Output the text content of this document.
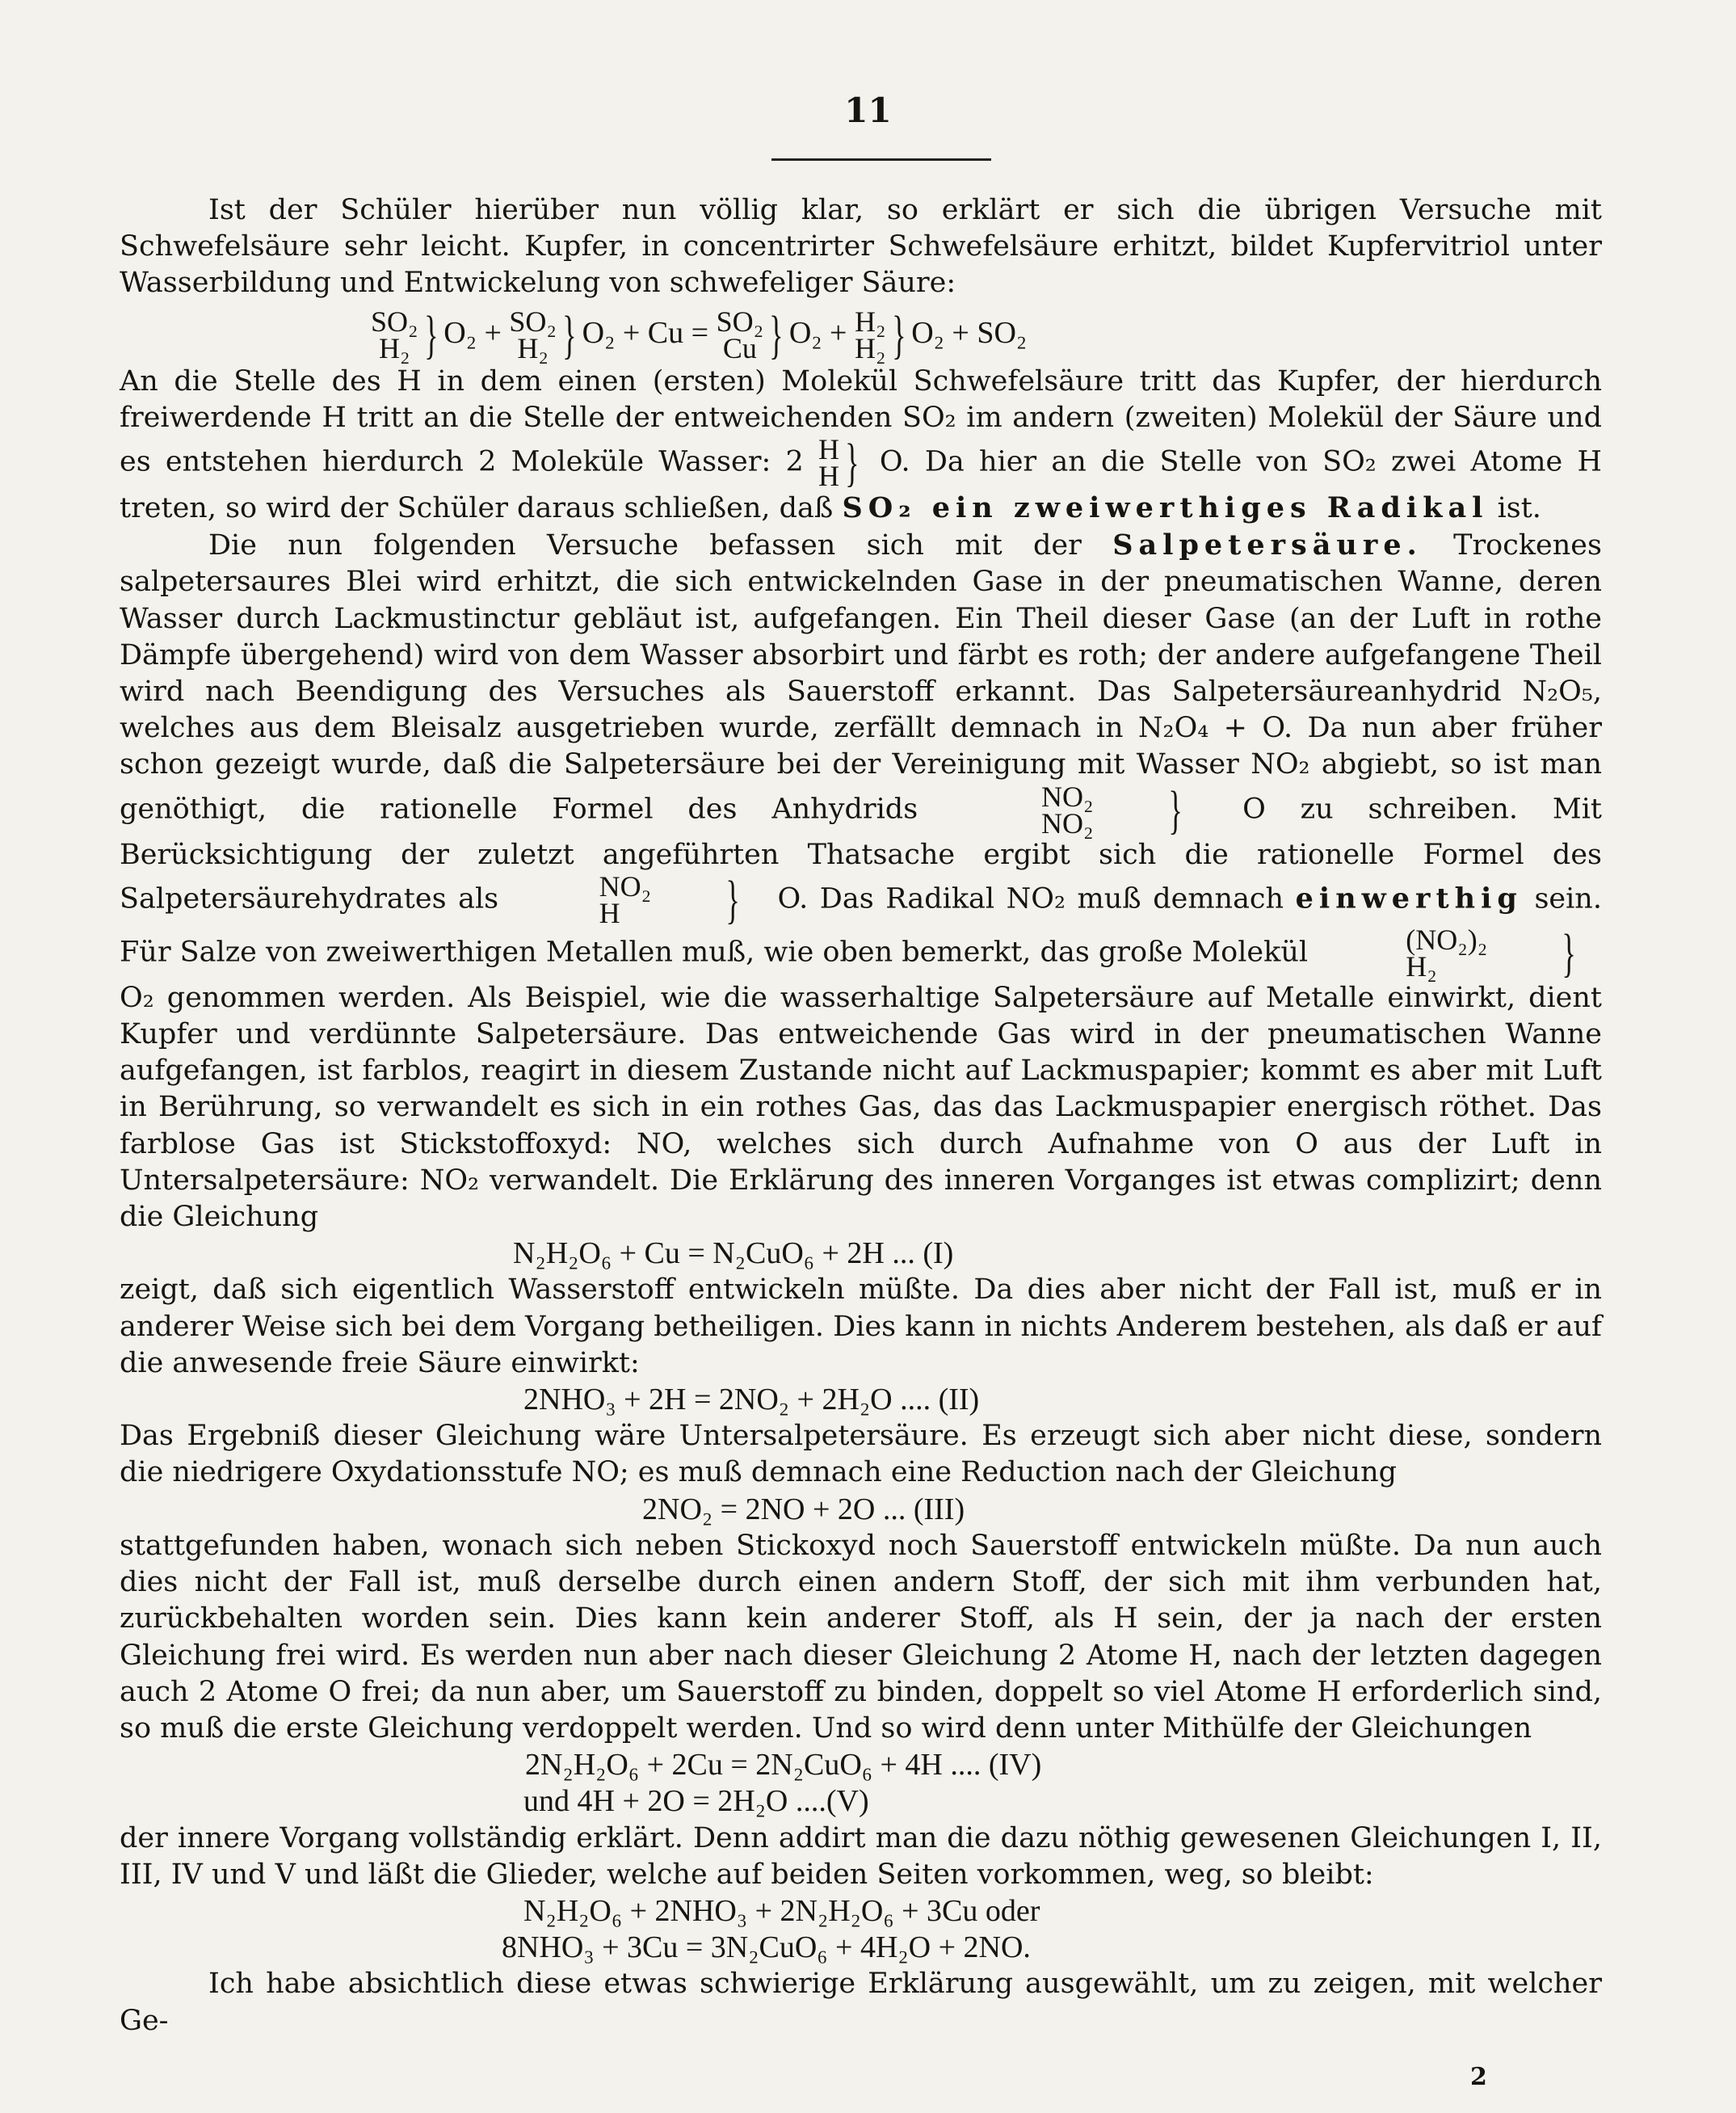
11

Ist der Schüler hierüber nun völlig klar, so erklärt er sich die übrigen Versuche mit Schwefelsäure sehr leicht. Kupfer, in concentrirter Schwefelsäure erhitzt, bildet Kupfervitriol unter Wasserbildung und Entwickelung von schwefeliger Säure:

SO₂
H₂ } O₂ + SO₂
H₂ } O₂ + Cu = SO₂
Cu } O₂ + H₂
H₂ } O₂ + SO₂

An die Stelle des H in dem einen (ersten) Molekül Schwefelsäure tritt das Kupfer, der hierdurch freiwerdende H tritt an die Stelle der entweichenden SO₂ im andern (zweiten) Molekül der Säure und es entstehen hierdurch 2 Moleküle Wasser: 2 H
H } O. Da hier an die Stelle von SO₂ zwei Atome H treten, so wird der Schüler daraus schließen, daß SO₂ ein zweiwerthiges Radikal ist.

Die nun folgenden Versuche befassen sich mit der Salpetersäure. Trockenes salpetersaures Blei wird erhitzt, die sich entwickelnden Gase in der pneumatischen Wanne, deren Wasser durch Lackmustinctur gebläut ist, aufgefangen. Ein Theil dieser Gase (an der Luft in rothe Dämpfe übergehend) wird von dem Wasser absorbirt und färbt es roth; der andere aufgefangene Theil wird nach Beendigung des Versuches als Sauerstoff erkannt. Das Salpetersäureanhydrid N₂O₅, welches aus dem Bleisalz ausgetrieben wurde, zerfällt demnach in N₂O₄ + O. Da nun aber früher schon gezeigt wurde, daß die Salpetersäure bei der Vereinigung mit Wasser NO₂ abgiebt, so ist man genöthigt, die rationelle Formel des Anhydrids	NO₂
NO₂ } O zu schreiben. Mit Berücksichtigung der zuletzt angeführten Thatsache ergibt sich die rationelle Formel des Salpetersäurehydrates als	NO₂
H	} O. Das Radikal NO₂ muß demnach einwerthig sein. Für Salze von zweiwerthigen Metallen muß, wie oben bemerkt, das große Molekül	(NO₂)₂
H₂	} O₂ genommen werden. Als Beispiel, wie die wasserhaltige Salpetersäure auf Metalle einwirkt, dient Kupfer und verdünnte Salpetersäure. Das entweichende Gas wird in der pneumatischen Wanne aufgefangen, ist farblos, reagirt in diesem Zustande nicht auf Lackmuspapier; kommt es aber mit Luft in Berührung, so verwandelt es sich in ein rothes Gas, das das Lackmuspapier energisch röthet. Das farblose Gas ist Stickstoffoxyd: NO, welches sich durch Aufnahme von O aus der Luft in Untersalpetersäure: NO₂ verwandelt. Die Erklärung des inneren Vorganges ist etwas complizirt; denn die Gleichung

N₂H₂O₆ + Cu = N₂CuO₆ + 2H ... (I)

zeigt, daß sich eigentlich Wasserstoff entwickeln müßte. Da dies aber nicht der Fall ist, muß er in anderer Weise sich bei dem Vorgang betheiligen. Dies kann in nichts Anderem bestehen, als daß er auf die anwesende freie Säure einwirkt:

2NHO₃ + 2H = 2NO₂ + 2H₂O .... (II)

Das Ergebniß dieser Gleichung wäre Untersalpetersäure. Es erzeugt sich aber nicht diese, sondern die niedrigere Oxydationsstufe NO; es muß demnach eine Reduction nach der Gleichung

2NO₂ = 2NO + 2O ... (III)

stattgefunden haben, wonach sich neben Stickoxyd noch Sauerstoff entwickeln müßte. Da nun auch dies nicht der Fall ist, muß derselbe durch einen andern Stoff, der sich mit ihm verbunden hat, zurückbehalten worden sein. Dies kann kein anderer Stoff, als H sein, der ja nach der ersten Gleichung frei wird. Es werden nun aber nach dieser Gleichung 2 Atome H, nach der letzten dagegen auch 2 Atome O frei; da nun aber, um Sauerstoff zu binden, doppelt so viel Atome H erforderlich sind, so muß die erste Gleichung verdoppelt werden. Und so wird denn unter Mithülfe der Gleichungen

2N₂H₂O₆ + 2Cu = 2N₂CuO₆ + 4H .... (IV)

und 4H + 2O = 2H₂O ....(V)

der innere Vorgang vollständig erklärt. Denn addirt man die dazu nöthig gewesenen Gleichungen I, II, III, IV und V und läßt die Glieder, welche auf beiden Seiten vorkommen, weg, so bleibt:

N₂H₂O₆ + 2NHO₃ + 2N₂H₂O₆ + 3Cu oder

8NHO₃ + 3Cu = 3N₂CuO₆ + 4H₂O + 2NO.

Ich habe absichtlich diese etwas schwierige Erklärung ausgewählt, um zu zeigen, mit welcher Ge-

2
